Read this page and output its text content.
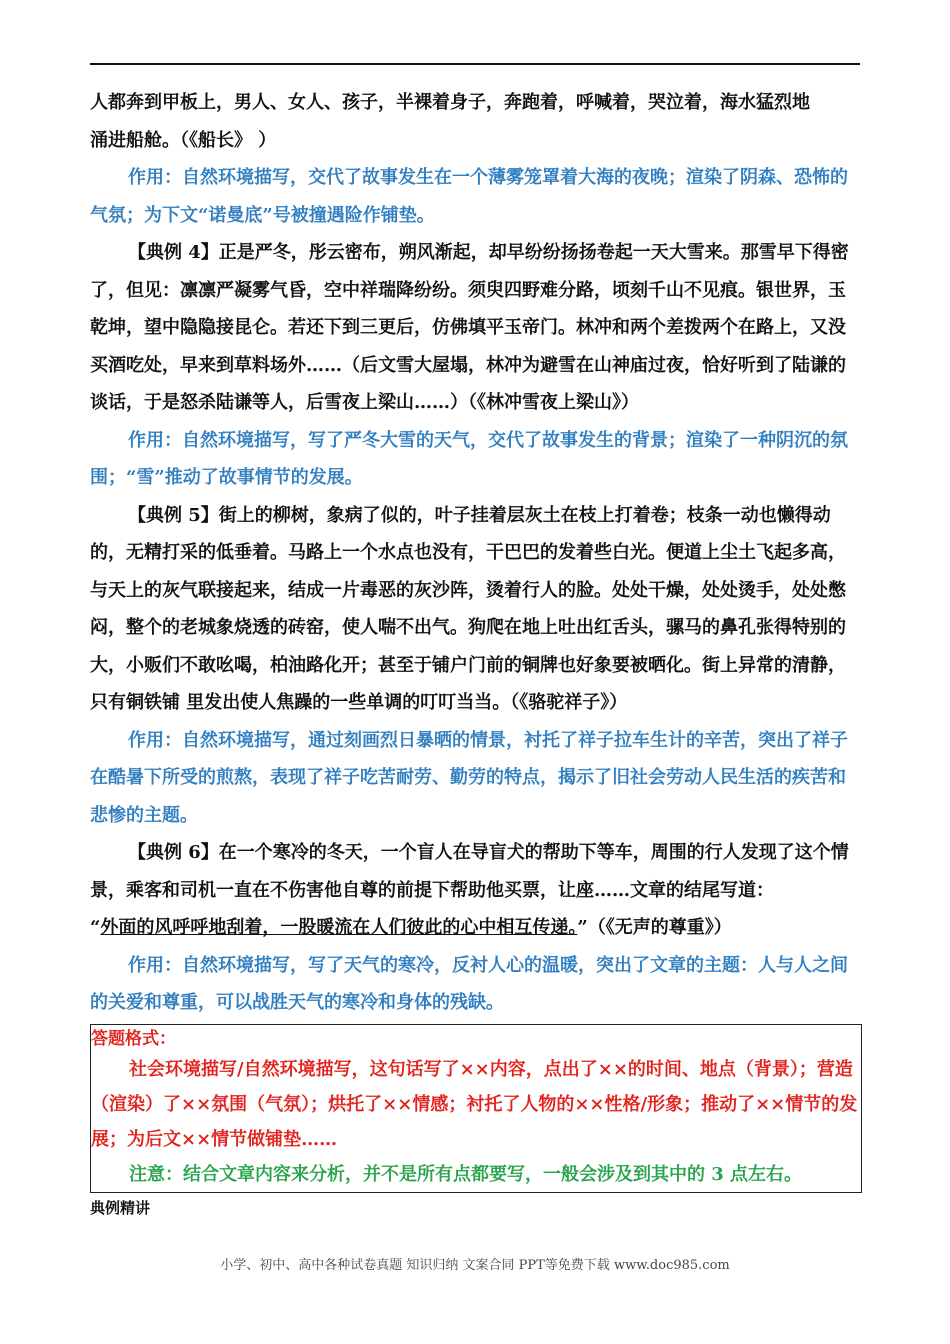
人都奔到甲板上，男人、女人、孩子，半裸着身子，奔跑着，呼喊着，哭泣着，海水猛烈地

涌进船舱。（《船长》 ）

作用：自然环境描写，交代了故事发生在一个薄雾笼罩着大海的夜晚；渲染了阴森、恐怖的气氛；为下文“诺曼底”号被撞遇险作铺垫。

【典例 4】正是严冬，彤云密布，朔风渐起，却早纷纷扬扬卷起一天大雪来。那雪早下得密了，但见：凛凛严凝雾气昏，空中祥瑞降纷纷。须臾四野难分路，顷刻千山不见痕。银世界，玉乾坤，望中隐隐接昆仑。若还下到三更后，仿佛填平玉帝门。林冲和两个差拨两个在路上，又没买酒吃处，早来到草料场外……（后文雪大屋塌，林冲为避雪在山神庙过夜，恰好听到了陆谦的谈话，于是怒杀陆谦等人，后雪夜上梁山……）（《林冲雪夜上梁山》）

作用：自然环境描写，写了严冬大雪的天气，交代了故事发生的背景；渲染了一种阴沉的氛围；“雪”推动了故事情节的发展。

【典例 5】街上的柳树，象病了似的，叶子挂着层灰土在枝上打着卷；枝条一动也懒得动的，无精打采的低垂着。马路上一个水点也没有，干巴巴的发着些白光。便道上尘土飞起多高，与天上的灰气联接起来，结成一片毒恶的灰沙阵，烫着行人的脸。处处干燥，处处烫手，处处憋闷，整个的老城象烧透的砖窑，使人喘不出气。狗爬在地上吐出红舌头，骡马的鼻孔张得特别的大，小贩们不敢吆喝，柏油路化开；甚至于铺户门前的铜牌也好象要被晒化。街上异常的清静，只有铜铁铺 里发出使人焦躁的一些单调的叮叮当当。（《骆驼祥子》）

作用：自然环境描写，通过刻画烈日暴晒的情景，衬托了祥子拉车生计的辛苦，突出了祥子在酷暑下所受的煎熬，表现了祥子吃苦耐劳、勤劳的特点，揭示了旧社会劳动人民生活的疾苦和悲惨的主题。

【典例 6】在一个寒冷的冬天，一个盲人在导盲犬的帮助下等车，周围的行人发现了这个情景，乘客和司机一直在不伤害他自尊的前提下帮助他买票，让座……文章的结尾写道：

“外面的风呼呼地刮着，一股暖流在人们彼此的心中相互传递。”（《无声的尊重》）

作用：自然环境描写，写了天气的寒冷，反衬人心的温暖，突出了文章的主题：人与人之间的关爱和尊重，可以战胜天气的寒冷和身体的残缺。

答题格式：

社会环境描写/自然环境描写，这句话写了××内容，点出了××的时间、地点（背景）；营造（渲染）了××氛围（气氛）；烘托了××情感；衬托了人物的××性格/形象；推动了××情节的发展；为后文××情节做铺垫……

注意：结合文章内容来分析，并不是所有点都要写，一般会涉及到其中的 3 点左右。

典例精讲

小学、初中、高中各种试卷真题 知识归纳 文案合同 PPT等免费下载 www.doc985.com
